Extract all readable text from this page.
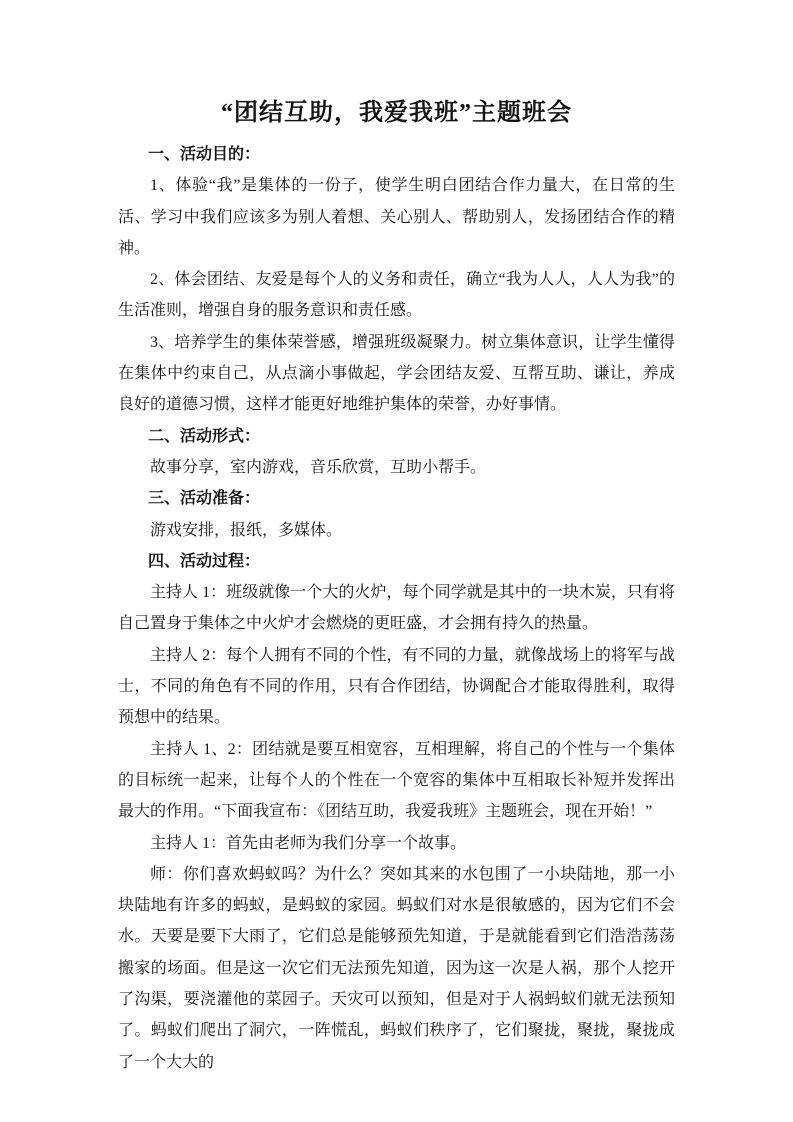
“团结互助，我爱我班”主题班会
一、活动目的：

1、体验“我”是集体的一份子，使学生明白团结合作力量大，在日常的生活、学习中我们应该多为别人着想、关心别人、帮助别人，发扬团结合作的精神。

2、体会团结、友爱是每个人的义务和责任，确立“我为人人，人人为我”的生活准则，增强自身的服务意识和责任感。

3、培养学生的集体荣誉感，增强班级凝聚力。树立集体意识，让学生懂得在集体中约束自己，从点滴小事做起，学会团结友爱、互帮互助、谦让，养成良好的道德习惯，这样才能更好地维护集体的荣誉，办好事情。

二、活动形式：

故事分享，室内游戏，音乐欣赏，互助小帮手。

三、活动准备：

游戏安排，报纸，多媒体。

四、活动过程：

主持人 1：班级就像一个大的火炉，每个同学就是其中的一块木炭，只有将自己置身于集体之中火炉才会燃烧的更旺盛，才会拥有持久的热量。

主持人 2：每个人拥有不同的个性，有不同的力量，就像战场上的将军与战士，不同的角色有不同的作用，只有合作团结，协调配合才能取得胜利，取得预想中的结果。

主持人 1、2：团结就是要互相宽容，互相理解，将自己的个性与一个集体的目标统一起来，让每个人的个性在一个宽容的集体中互相取长补短并发挥出最大的作用。“下面我宣布：《团结互助，我爱我班》主题班会，现在开始！”

主持人 1：首先由老师为我们分享一个故事。

师：你们喜欢蚂蚁吗？为什么？突如其来的水包围了一小块陆地，那一小块陆地有许多的蚂蚁，是蚂蚁的家园。蚂蚁们对水是很敏感的，因为它们不会水。天要是要下大雨了，它们总是能够预先知道，于是就能看到它们浩浩荡荡搬家的场面。但是这一次它们无法预先知道，因为这一次是人祸，那个人挖开了沟渠，要浇灌他的菜园子。天灾可以预知，但是对于人祸蚂蚁们就无法预知了。蚂蚁们爬出了洞穴，一阵慌乱，蚂蚁们秩序了，它们聚拢，聚拢，聚拢成了一个大大的
